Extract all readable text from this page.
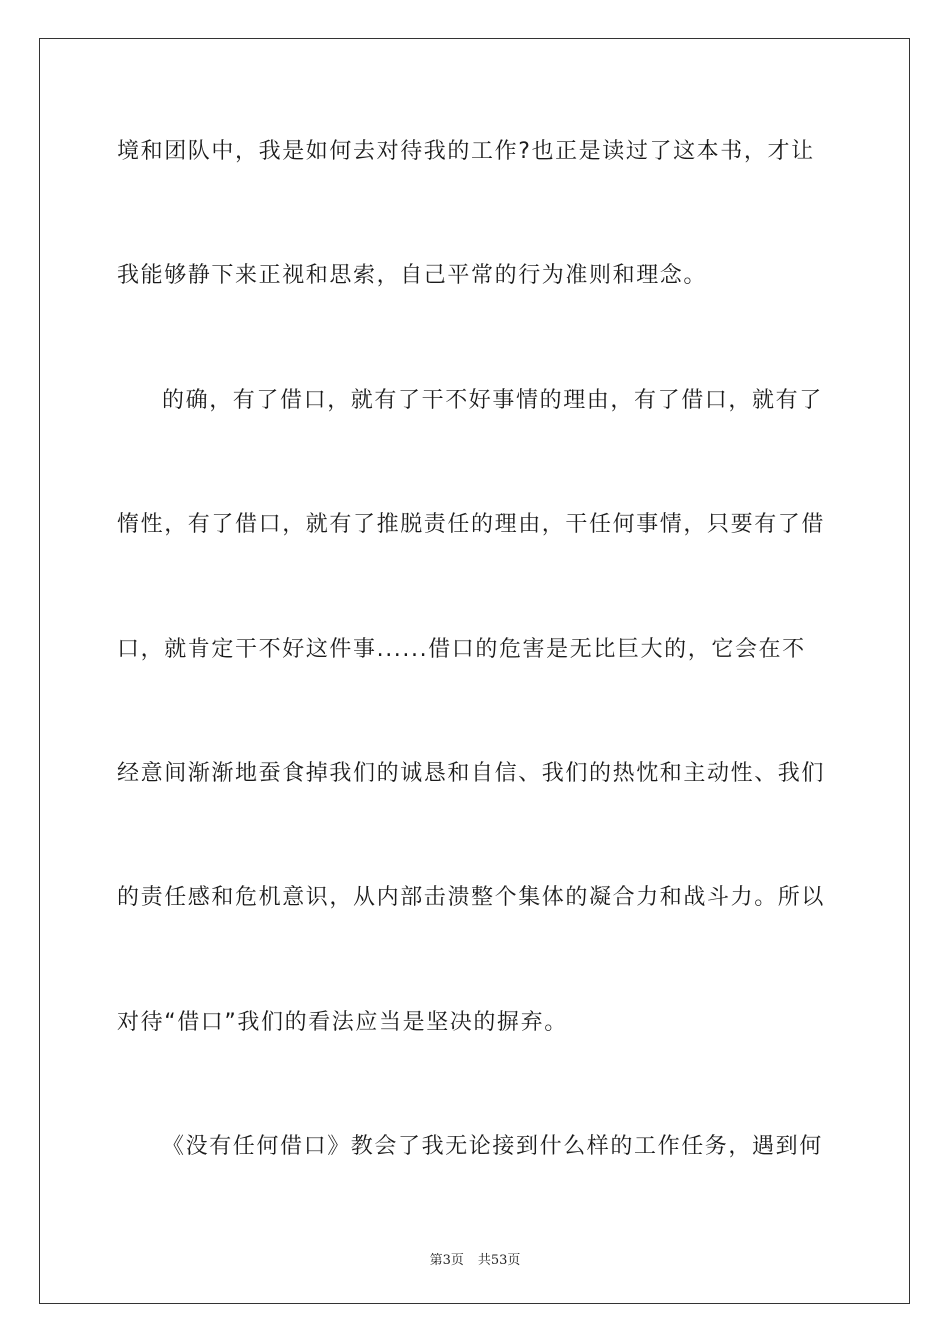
境和团队中，我是如何去对待我的工作?也正是读过了这本书，才让
我能够静下来正视和思索，自己平常的行为准则和理念。
的确，有了借口，就有了干不好事情的理由，有了借口，就有了
惰性，有了借口，就有了推脱责任的理由，干任何事情，只要有了借
口，就肯定干不好这件事......借口的危害是无比巨大的，它会在不
经意间渐渐地蚕食掉我们的诚恳和自信、我们的热忱和主动性、我们
的责任感和危机意识，从内部击溃整个集体的凝合力和战斗力。所以
对待“借口”我们的看法应当是坚决的摒弃。
《没有任何借口》教会了我无论接到什么样的工作任务，遇到何
第3页 共53页
